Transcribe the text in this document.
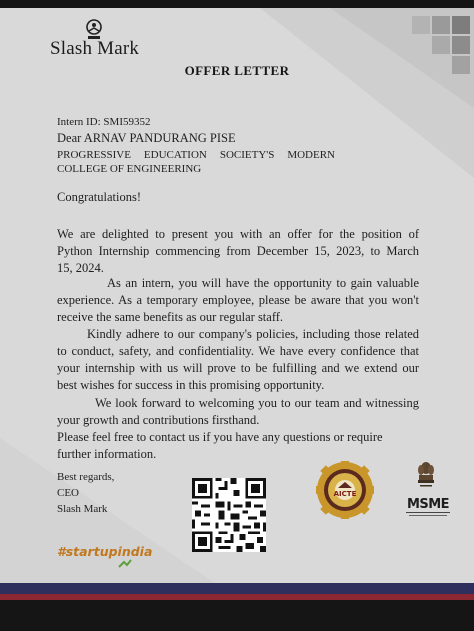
Slash Mark
OFFER LETTER
Intern ID: SMI59352
Dear ARNAV PANDURANG PISE
PROGRESSIVE EDUCATION SOCIETY'S MODERN
COLLEGE OF ENGINEERING
Congratulations!
We are delighted to present you with an offer for the position of
Python Internship commencing from December 15, 2023, to March
15, 2024.
As an intern, you will have the opportunity to gain valuable
experience. As a temporary employee, please be aware that you won't
receive the same benefits as our regular staff.
Kindly adhere to our company's policies, including those related
to conduct, safety, and confidentiality. We have every confidence that
your internship with us will prove to be fulfilling and we extend our
best wishes for success in this promising opportunity.
We look forward to welcoming you to our team and witnessing
your growth and contributions firsthand.
Please feel free to contact us if you have any questions or require
further information.
Best regards,
CEO
Slash Mark
AICTE
MSME
#startupindia
